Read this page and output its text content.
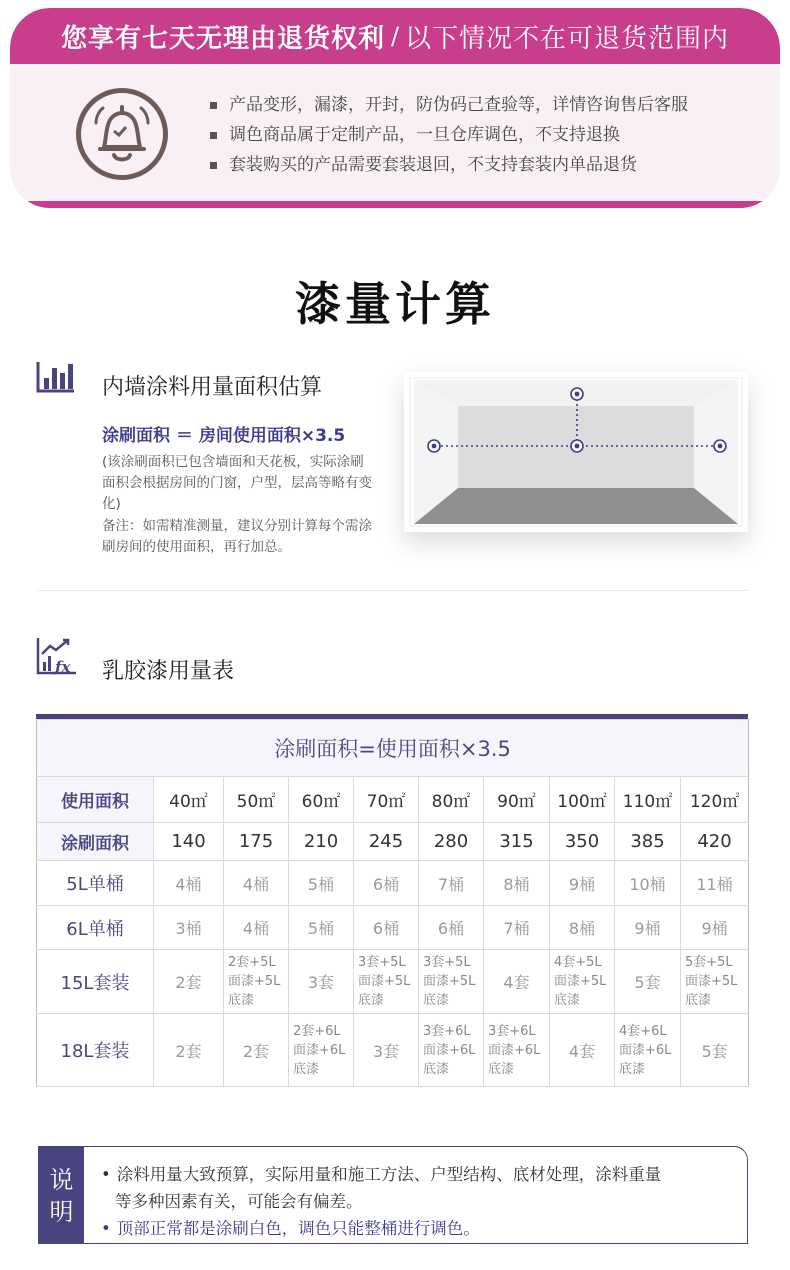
您享有七天无理由退货权利 / 以下情况不在可退货范围内
产品变形，漏漆，开封，防伪码己查验等，详情咨询售后客服
调色商品属于定制产品，一旦仓库调色，不支持退换
套装购买的产品需要套装退回，不支持套装内单品退货
漆量计算
内墙涂料用量面积估算
涂刷面积 ＝ 房间使用面积×3.5
(该涂刷面积已包含墙面和天花板，实际涂刷面积会根据房间的门窗，户型，层高等略有变化)
备注：如需精准测量，建议分别计算每个需涂刷房间的使用面积，再行加总。
fx 乳胶漆用量表
涂刷面积=使用面积×3.5									
使用面积	40㎡	50㎡	60㎡	70㎡	80㎡	90㎡	100㎡	110㎡	120㎡
涂刷面积	140	175	210	245	280	315	350	385	420
5L单桶	4桶	4桶	5桶	6桶	7桶	8桶	9桶	10桶	11桶
6L单桶	3桶	4桶	5桶	6桶	6桶	7桶	8桶	9桶	9桶
15L套装	2套	2套+5L
面漆+5L
底漆	3套	3套+5L
面漆+5L
底漆	3套+5L
面漆+5L
底漆	4套	4套+5L
面漆+5L
底漆	5套	5套+5L
面漆+5L
底漆

18L套装	2套	2套	2套+6L
面漆+6L
底漆	3套	3套+6L
面漆+6L
底漆	3套+6L
面漆+6L
底漆	4套	4套+6L
面漆+6L
底漆	5套
说
明
• 涂料用量大致预算，实际用量和施工方法、户型结构、底材处理，涂料重量
等多种因素有关，可能会有偏差。
• 顶部正常都是涂刷白色，调色只能整桶进行调色。
